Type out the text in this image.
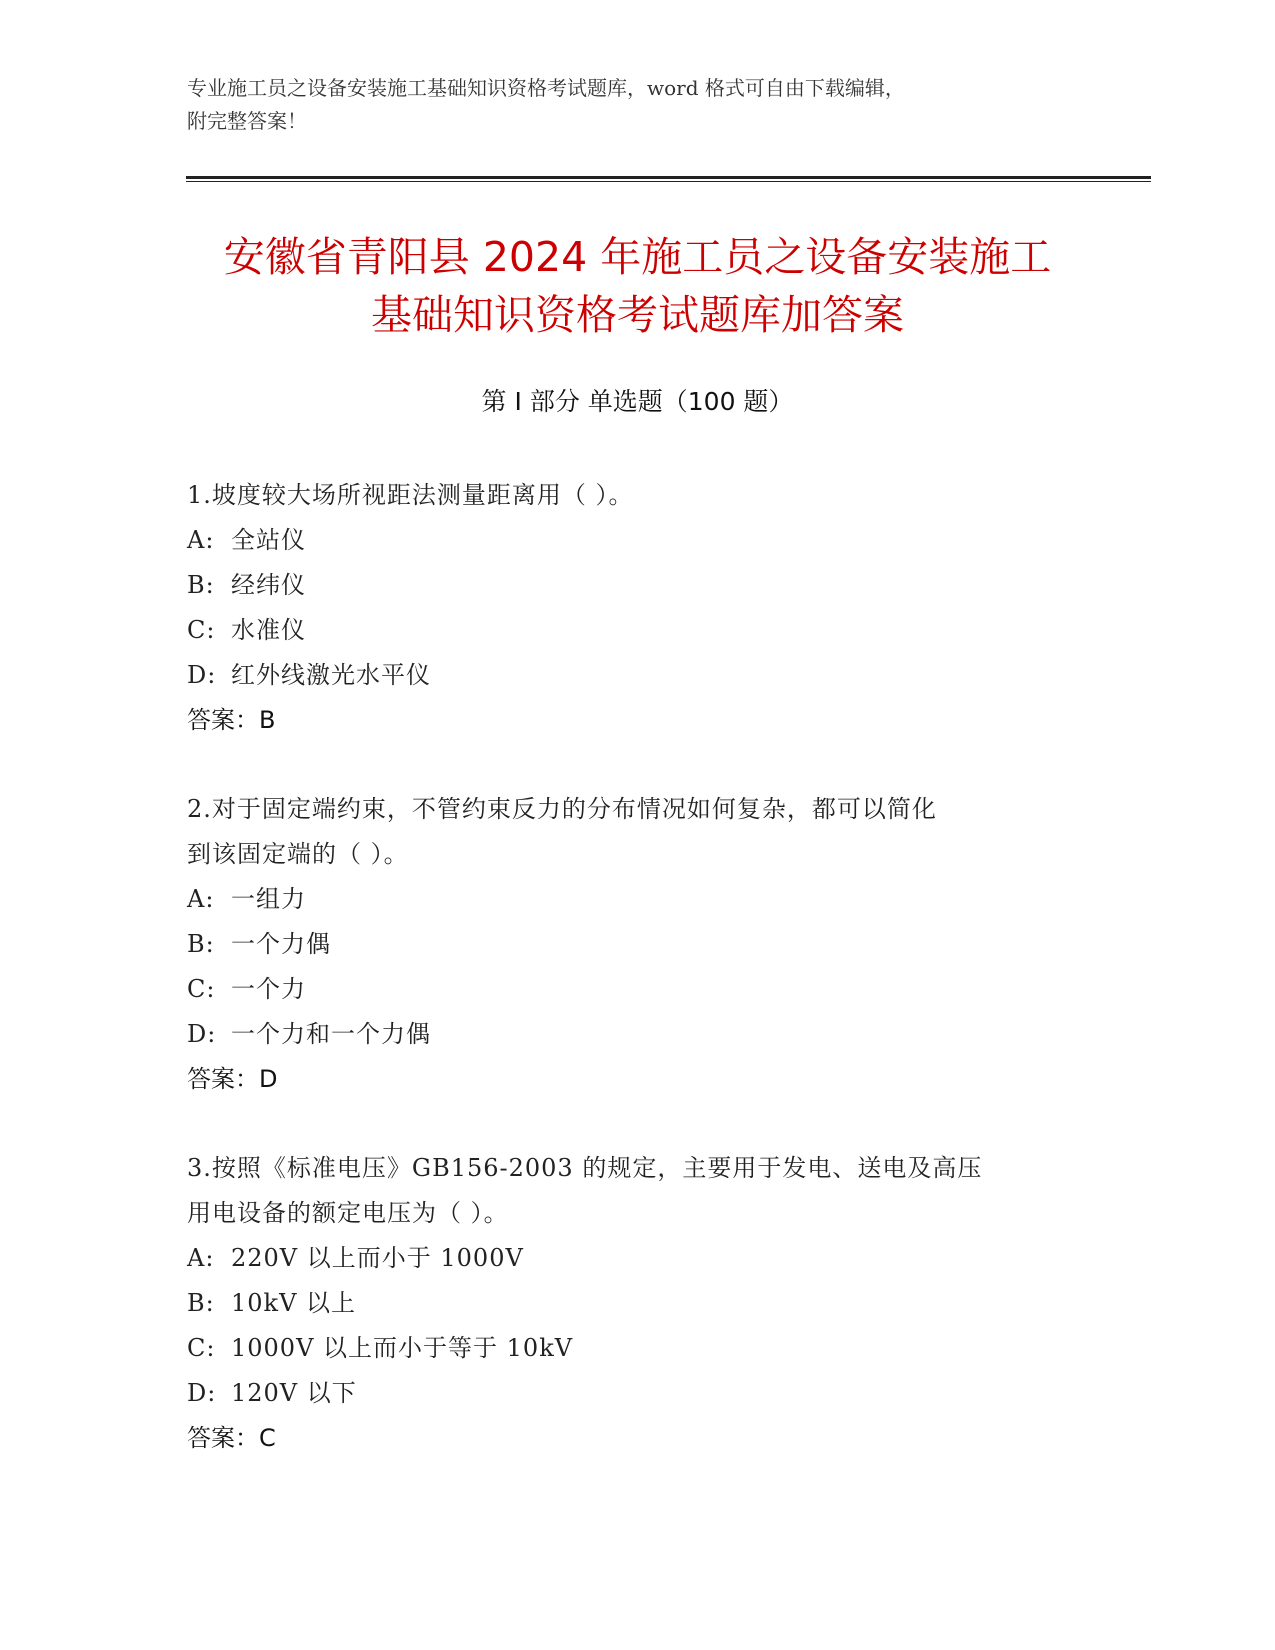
专业施工员之设备安装施工基础知识资格考试题库，word 格式可自由下载编辑，
附完整答案！
安徽省青阳县 2024 年施工员之设备安装施工
基础知识资格考试题库加答案
第 I 部分 单选题（100 题）
1.坡度较大场所视距法测量距离用（ ）。
A: 全站仪
B: 经纬仪
C: 水准仪
D: 红外线激光水平仪
答案：B
2.对于固定端约束，不管约束反力的分布情况如何复杂，都可以简化
到该固定端的（ ）。
A: 一组力
B: 一个力偶
C: 一个力
D: 一个力和一个力偶
答案：D
3.按照《标准电压》GB156-2003 的规定，主要用于发电、送电及高压
用电设备的额定电压为（ ）。
A: 220V 以上而小于 1000V
B: 10kV 以上
C: 1000V 以上而小于等于 10kV
D: 120V 以下
答案：C
